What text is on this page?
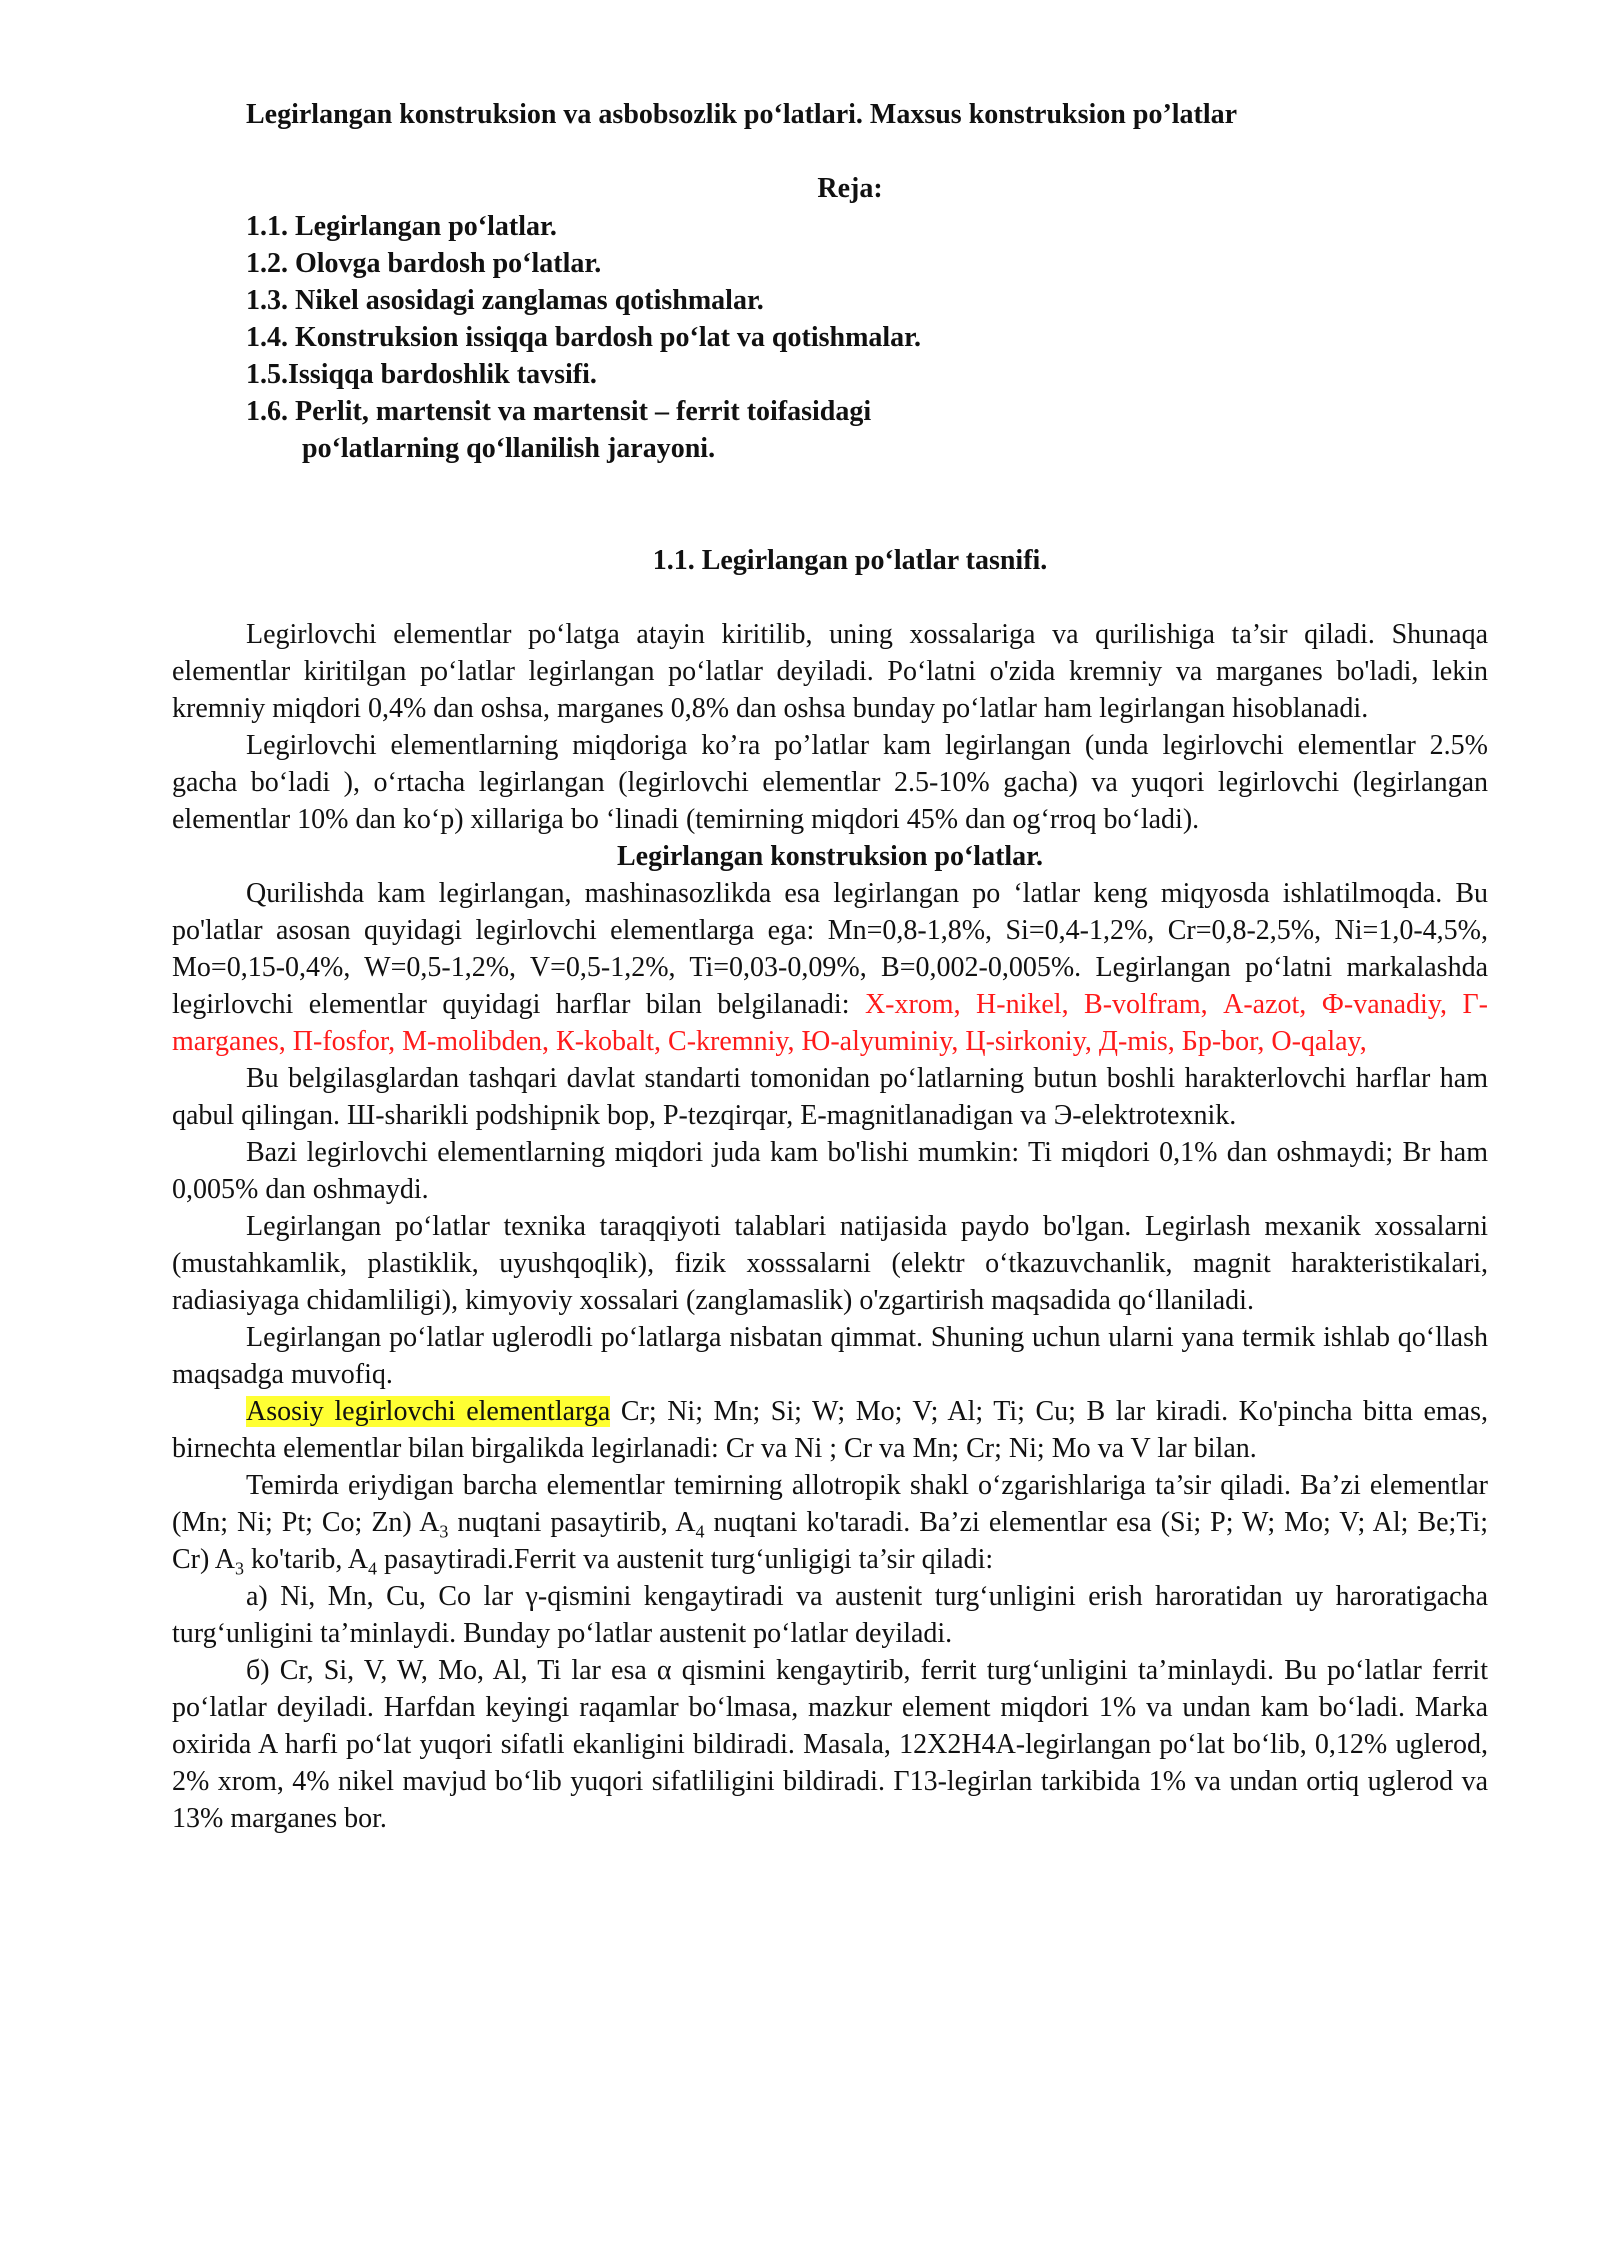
Legirlangan konstruksion va asbobsozlik po‘latlari. Maxsus konstruksion po’latlar
Reja:
1.1. Legirlangan po‘latlar.
1.2. Olovga bardosh po‘latlar.
1.3. Nikel asosidagi zanglamas qotishmalar.
1.4. Konstruksion issiqqa bardosh po‘lat va qotishmalar.
1.5.Issiqqa bardoshlik tavsifi.
1.6. Perlit, martensit va martensit – ferrit toifasidagi
po‘latlarning qo‘llanilish jarayoni.
1.1. Legirlangan po‘latlar tasnifi.

Legirlovchi elementlar po‘latga atayin kiritilib, uning xossalariga va qurilishiga ta’sir qiladi. Shunaqa elementlar kiritilgan po‘latlar legirlangan po‘latlar deyiladi. Po‘latni o'zida kremniy va marganes bo'ladi, lekin kremniy miqdori 0,4% dan oshsa, marganes 0,8% dan oshsa bunday po‘latlar ham legirlangan hisoblanadi.

Legirlovchi elementlarning miqdoriga ko’ra po’latlar kam legirlangan (unda legirlovchi elementlar 2.5% gacha bo‘ladi ), o‘rtacha legirlangan (legirlovchi elementlar 2.5-10% gacha) va yuqori legirlovchi (legirlangan elementlar 10% dan ko‘p) xillariga bo ‘linadi (temirning miqdori 45% dan og‘rroq bo‘ladi).

Legirlangan konstruksion po‘latlar.

Qurilishda kam legirlangan, mashinasozlikda esa legirlangan po ‘latlar keng miqyosda ishlatilmoqda. Bu po'latlar asosan quyidagi legirlovchi elementlarga ega: Mn=0,8-1,8%, Si=0,4-1,2%, Cr=0,8-2,5%, Ni=1,0-4,5%, Mo=0,15-0,4%, W=0,5-1,2%, V=0,5-1,2%, Ti=0,03-0,09%, B=0,002-0,005%. Legirlangan po‘latni markalashda legirlovchi elementlar quyidagi harflar bilan belgilanadi: Х-xrom, Н-nikel, В-volfram, А-azot, Ф-vanadiy, Г-marganes, П-fosfor, М-molibden, К-kobalt, С-kremniy, Ю-alyuminiy, Ц-sirkoniy, Д-mis, Бр-bor, О-qalay,

Bu belgilasglardan tashqari davlat standarti tomonidan po‘latlarning butun boshli harakterlovchi harflar ham qabul qilingan. Ш-sharikli podshipnik bop, Р-tezqirqar, Е-magnitlanadigan va Э-elektrotexnik.

Bazi legirlovchi elementlarning miqdori juda kam bo'lishi mumkin: Ti miqdori 0,1% dan oshmaydi; Br ham 0,005% dan oshmaydi.

Legirlangan po‘latlar texnika taraqqiyoti talablari natijasida paydo bo'lgan. Legirlash mexanik xossalarni (mustahkamlik, plastiklik, uyushqoqlik), fizik xosssalarni (elektr o‘tkazuvchanlik, magnit harakteristikalari, radiasiyaga chidamliligi), kimyoviy xossalari (zanglamaslik) o'zgartirish maqsadida qo‘llaniladi.

Legirlangan po‘latlar uglerodli po‘latlarga nisbatan qimmat. Shuning uchun ularni yana termik ishlab qo‘llash maqsadga muvofiq.

Asosiy legirlovchi elementlarga Cr; Ni; Mn; Si; W; Mo; V; Al; Ti; Cu; B lar kiradi. Ko'pincha bitta emas, birnechta elementlar bilan birgalikda legirlanadi: Cr va Ni ; Cr va Mn; Cr; Ni; Mo va V lar bilan.

Temirda eriydigan barcha elementlar temirning allotropik shakl o‘zgarishlariga ta’sir qiladi. Ba’zi elementlar (Mn; Ni; Pt; Co; Zn) $A_3$ nuqtani pasaytirib, $A_4$ nuqtani ko'taradi. Ba’zi elementlar esa (Si; P; W; Mo; V; Al; Be;Ti; Cr) $A_3$ ko'tarib, $A_4$ pasaytiradi.Ferrit va austenit turg‘unligigi ta’sir qiladi:

a) Ni, Mn, Cu, Co lar γ-qismini kengaytiradi va austenit turg‘unligini erish haroratidan uy haroratigacha turg‘unligini ta’minlaydi. Bunday po‘latlar austenit po‘latlar deyiladi.

б) Cr, Si, V, W, Mo, Al, Ti lar esa α qismini kengaytirib, ferrit turg‘unligini ta’minlaydi. Bu po‘latlar ferrit po‘latlar deyiladi. Harfdan keyingi raqamlar bo‘lmasa, mazkur element miqdori 1% va undan kam bo‘ladi. Marka oxirida A harfi po‘lat yuqori sifatli ekanligini bildiradi. Masala, 12Х2Н4А-legirlangan po‘lat bo‘lib, 0,12% uglerod, 2% xrom, 4% nikel mavjud bo‘lib yuqori sifatliligini bildiradi. Г13-legirlan tarkibida 1% va undan ortiq uglerod va 13% marganes bor.
